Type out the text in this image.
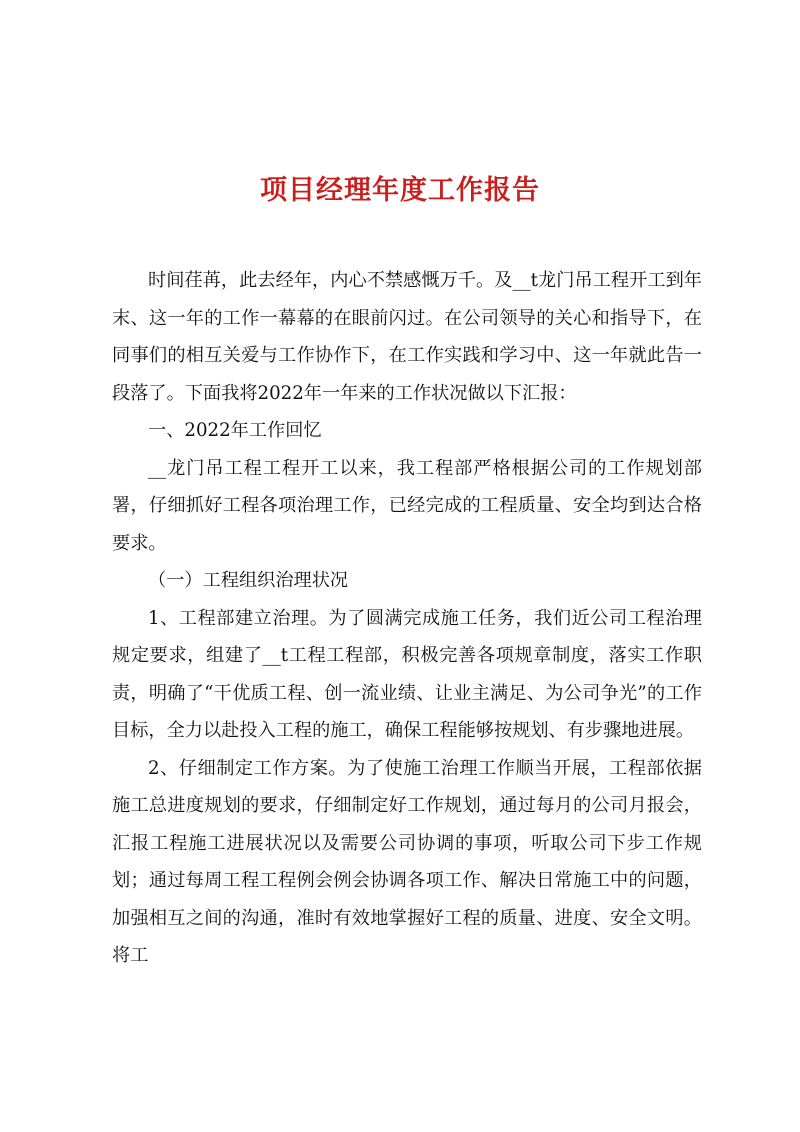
项目经理年度工作报告

时间荏苒，此去经年，内心不禁感慨万千。及__t龙门吊工程开工到年末、这一年的工作一幕幕的在眼前闪过。在公司领导的关心和指导下，在同事们的相互关爱与工作协作下，在工作实践和学习中、这一年就此告一段落了。下面我将2022年一年来的工作状况做以下汇报：

一、2022年工作回忆

__龙门吊工程工程开工以来，我工程部严格根据公司的工作规划部署，仔细抓好工程各项治理工作，已经完成的工程质量、安全均到达合格要求。

（一）工程组织治理状况

1、工程部建立治理。为了圆满完成施工任务，我们近公司工程治理规定要求，组建了__t工程工程部，积极完善各项规章制度，落实工作职责，明确了“干优质工程、创一流业绩、让业主满足、为公司争光”的工作目标，全力以赴投入工程的施工，确保工程能够按规划、有步骤地进展。

2、仔细制定工作方案。为了使施工治理工作顺当开展，工程部依据施工总进度规划的要求，仔细制定好工作规划，通过每月的公司月报会，汇报工程施工进展状况以及需要公司协调的事项，听取公司下步工作规划；通过每周工程工程例会例会协调各项工作、解决日常施工中的问题，加强相互之间的沟通，准时有效地掌握好工程的质量、进度、安全文明。将工
